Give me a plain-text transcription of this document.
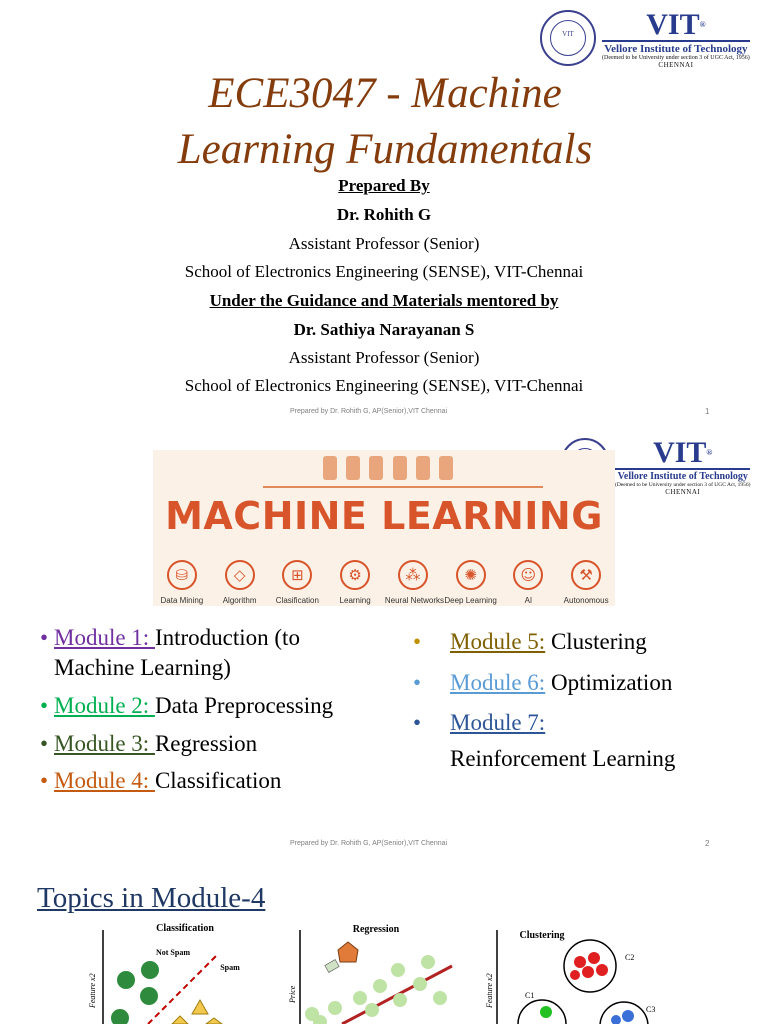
VIT	VIT®
Vellore Institute of Technology
(Deemed to be University under section 3 of UGC Act, 1956)
CHENNAI
ECE3047 - Machine
Learning Fundamentals
Prepared By
Dr. Rohith G
Assistant Professor (Senior)
School of Electronics Engineering (SENSE), VIT-Chennai
Under the Guidance and Materials mentored by
Dr. Sathiya Narayanan S
Assistant Professor (Senior)
School of Electronics Engineering (SENSE), VIT-Chennai
Prepared by Dr. Rohith G, AP(Senior),VIT Chennai	1
VIT®
Vellore Institute of Technology
(Deemed to be University under section 3 of UGC Act, 1956)
CHENNAI
MACHINE LEARNING
⛁
Data Mining
◇
Algorithm
⊞
Clasification
⚙
Learning
⁂
Neural Networks
✺
Deep Learning
☺
AI
⚒
Autonomous
• Module 1: Introduction (to
Machine Learning)
• Module 2: Data Preprocessing
• Module 3: Regression
• Module 4: Classification
• Module 5: Clustering
• Module 6: Optimization
• Module 7:
Reinforcement Learning
Prepared by Dr. Rohith G, AP(Senior),VIT Chennai	2
Topics in Module-4
Classification
Not Spam
Spam
Feature x2
Regression
Price
Clustering
Feature x2
C2
C1
C3
